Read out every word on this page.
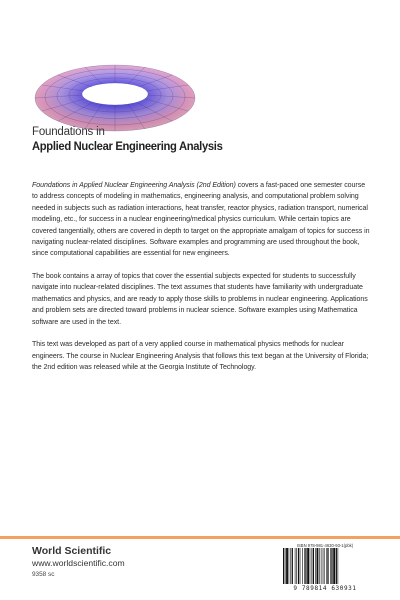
Foundations in
Applied Nuclear Engineering Analysis

Foundations in Applied Nuclear Engineering Analysis (2nd Edition) covers a fast-paced one semester course to address concepts of modeling in mathematics, engineering analysis, and computational problem solving needed in subjects such as radiation interactions, heat transfer, reactor physics, radiation transport, numerical modeling, etc., for success in a nuclear engineering/medical physics curriculum. While certain topics are covered tangentially, others are covered in depth to target on the appropriate amalgam of topics for success in navigating nuclear-related disciplines. Software examples and programming are used throughout the book, since computational capabilities are essential for new engineers.

The book contains a array of topics that cover the essential subjects expected for students to successfully navigate into nuclear-related disciplines. The text assumes that students have familiarity with undergraduate mathematics and physics, and are ready to apply those skills to problems in nuclear engineering. Applications and problem sets are directed toward problems in nuclear science. Software examples using Mathematica software are used in the text.

This text was developed as part of a very applied course in mathematical physics methods for nuclear engineers. The course in Nuclear Engineering Analysis that follows this text began at the University of Florida; the 2nd edition was released while at the Georgia Institute of Technology.

World Scientific
www.worldscientific.com
9358 sc
ISBN 978-981-4630-93-1(pbk)
9 789814 630931
